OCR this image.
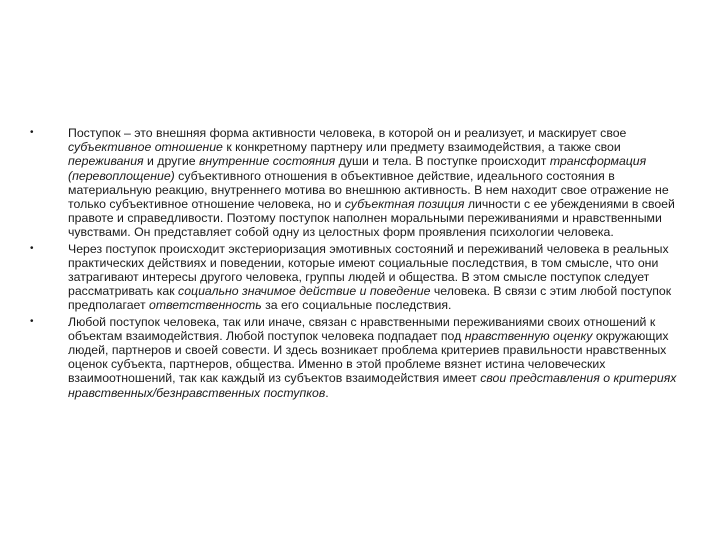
•	Поступок – это внешняя форма активности человека, в которой он и реализует, и маскирует свое субъективное отношение к конкретному партнеру или предмету взаимодействия, а также свои переживания и другие внутренние состояния души и тела. В поступке происходит трансформация (перевоплощение) субъективного отношения в объективное действие, идеального состояния в материальную реакцию, внутреннего мотива во внешнюю активность. В нем находит свое отражение не только субъективное отношение человека, но и субъектная позиция личности с ее убеждениями в своей правоте и справедливости. Поэтому поступок наполнен моральными переживаниями и нравственными чувствами. Он представляет собой одну из целостных форм проявления психологии человека.
•	Через поступок происходит экстериоризация эмотивных состояний и переживаний человека в реальных практических действиях и поведении, которые имеют социальные последствия, в том смысле, что они затрагивают интересы другого человека, группы людей и общества. В этом смысле поступок следует рассматривать как социально значимое действие и поведение человека. В связи с этим любой поступок предполагает ответственность за его социальные последствия.
•	Любой поступок человека, так или иначе, связан с нравственными переживаниями своих отношений к объектам взаимодействия. Любой поступок человека подпадает под нравственную оценку окружающих людей, партнеров и своей совести. И здесь возникает проблема критериев правильности нравственных оценок субъекта, партнеров, общества. Именно в этой проблеме вязнет истина человеческих взаимоотношений, так как каждый из субъектов взаимодействия имеет свои представления о критериях нравственных/безнравственных поступков.
